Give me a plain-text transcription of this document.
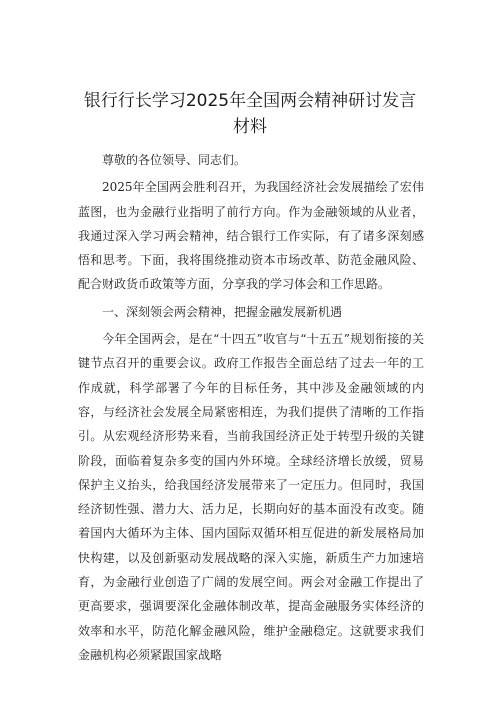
银行行长学习2025年全国两会精神研讨发言材料

尊敬的各位领导、同志们。

2025年全国两会胜利召开，为我国经济社会发展描绘了宏伟蓝图，也为金融行业指明了前行方向。作为金融领域的从业者，我通过深入学习两会精神，结合银行工作实际，有了诸多深刻感悟和思考。下面，我将围绕推动资本市场改革、防范金融风险、配合财政货币政策等方面，分享我的学习体会和工作思路。

一、深刻领会两会精神，把握金融发展新机遇

今年全国两会，是在“十四五”收官与“十五五”规划衔接的关键节点召开的重要会议。政府工作报告全面总结了过去一年的工作成就，科学部署了今年的目标任务，其中涉及金融领域的内容，与经济社会发展全局紧密相连，为我们提供了清晰的工作指引。从宏观经济形势来看，当前我国经济正处于转型升级的关键阶段，面临着复杂多变的国内外环境。全球经济增长放缓，贸易保护主义抬头，给我国经济发展带来了一定压力。但同时，我国经济韧性强、潜力大、活力足，长期向好的基本面没有改变。随着国内大循环为主体、国内国际双循环相互促进的新发展格局加快构建，以及创新驱动发展战略的深入实施，新质生产力加速培育，为金融行业创造了广阔的发展空间。两会对金融工作提出了更高要求，强调要深化金融体制改革，提高金融服务实体经济的效率和水平，防范化解金融风险，维护金融稳定。这就要求我们金融机构必须紧跟国家战略
